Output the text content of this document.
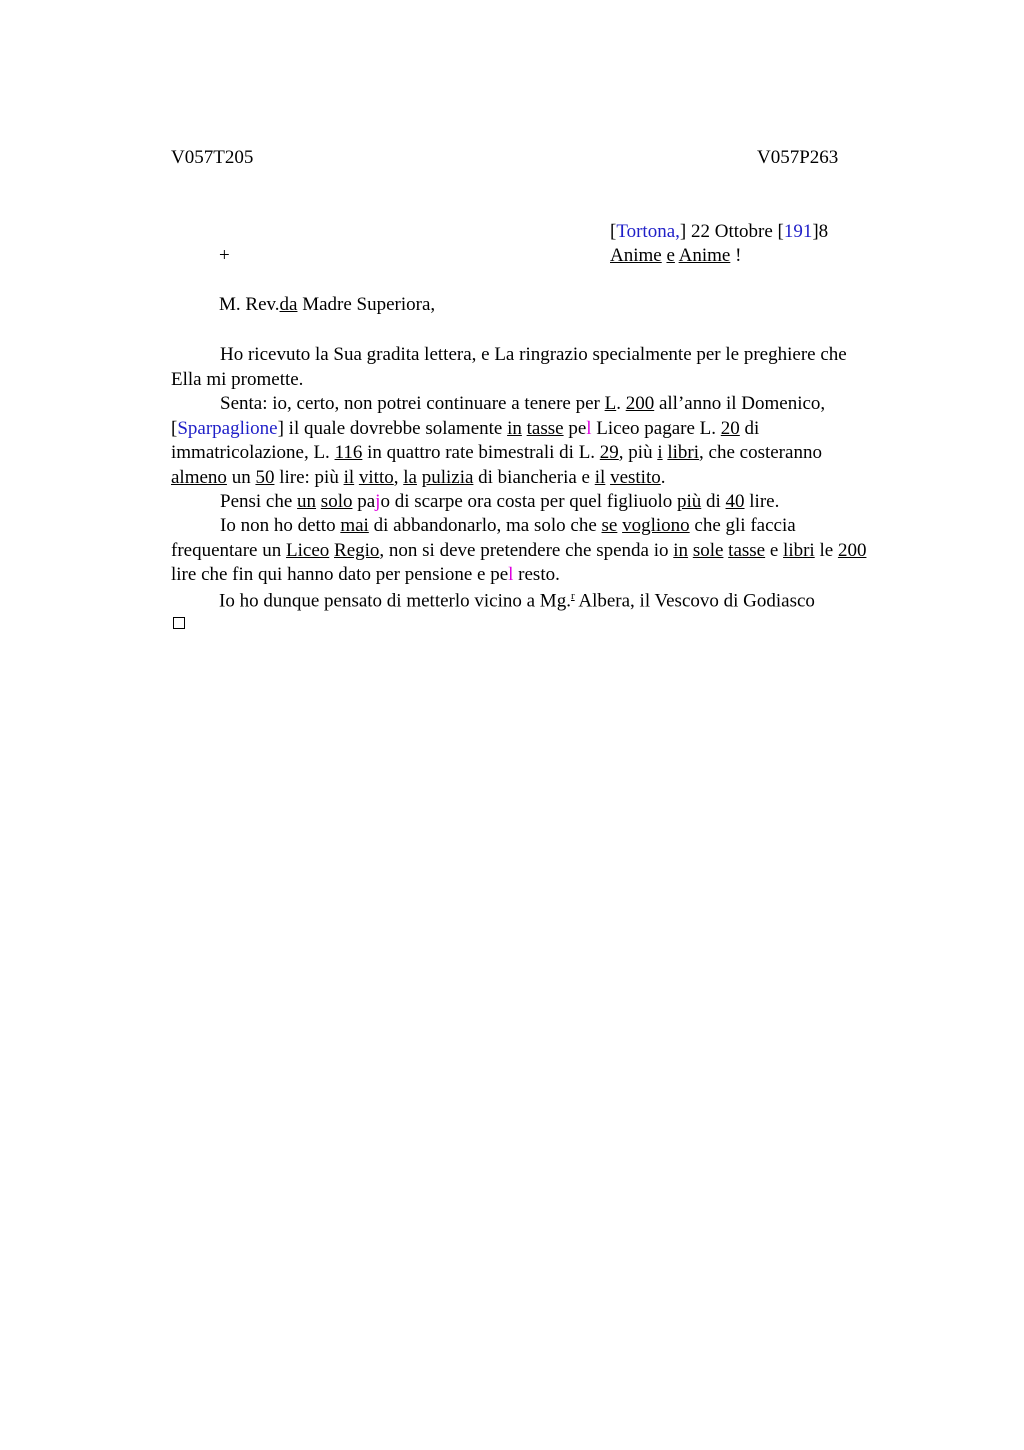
V057T205	V057P263
[Tortona,] 22 Ottobre [191]8
+	Anime e Anime !
M. Rev.da Madre Superiora,

Ho ricevuto la Sua gradita lettera, e La ringrazio specialmente per le preghiere che Ella mi promette.

Senta: io, certo, non potrei continuare a tenere per L. 200 all’anno il Domenico, [Sparpaglione] il quale dovrebbe solamente in tasse pel Liceo pagare L. 20 di immatricolazione, L. 116 in quattro rate bimestrali di L. 29, più i libri, che costeranno almeno un 50 lire: più il vitto, la pulizia di biancheria e il vestito.

Pensi che un solo pajo di scarpe ora costa per quel figliuolo più di 40 lire.

Io non ho detto mai di abbandonarlo, ma solo che se vogliono che gli faccia frequentare un Liceo Regio, non si deve pretendere che spenda io in sole tasse e libri le 200 lire che fin qui hanno dato per pensione e pel resto.

Io ho dunque pensato di metterlo vicino a Mg.$^r$ Albera, il Vescovo di Godiasco
